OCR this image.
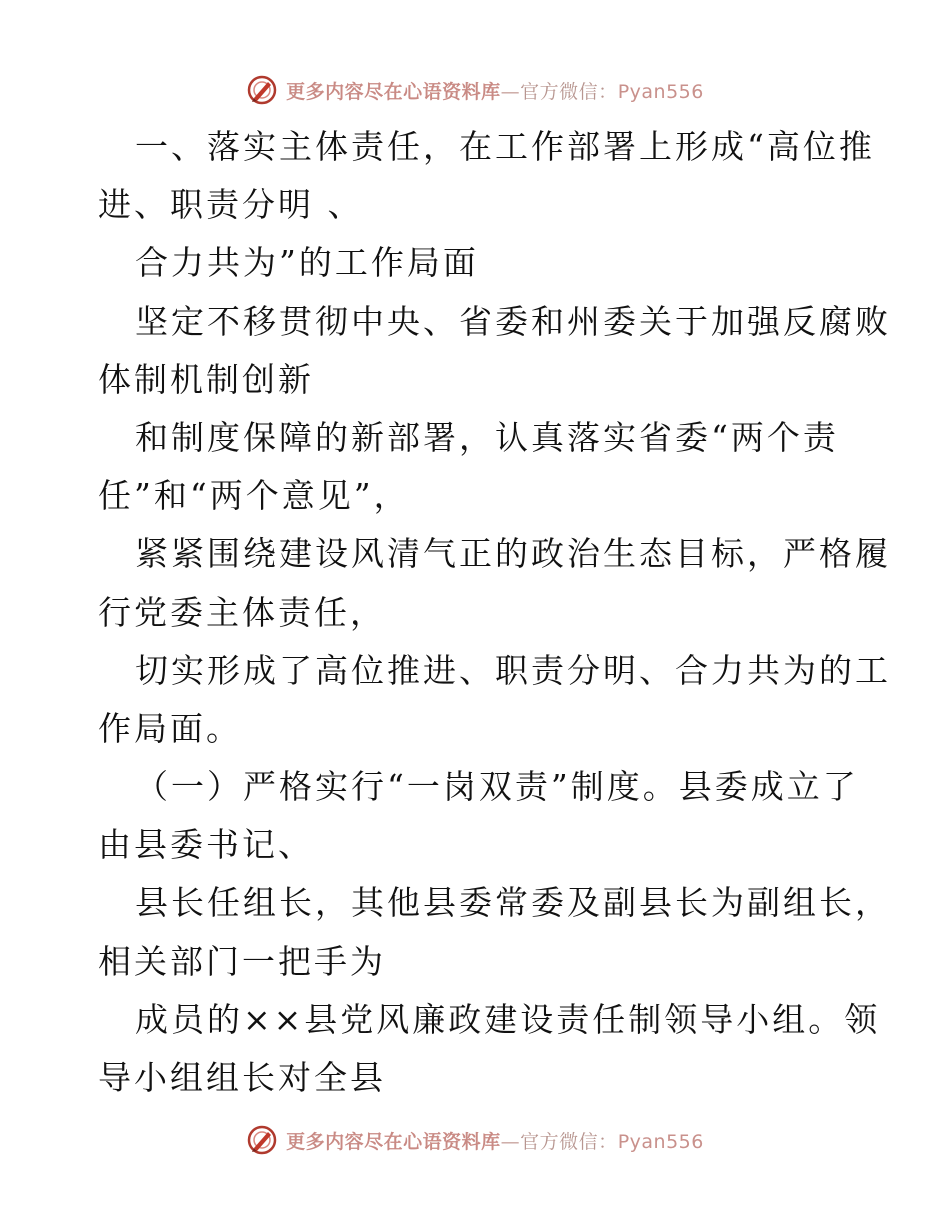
更多内容尽在心语资料库—官方微信：Pyan556
一、落实主体责任，在工作部署上形成“高位推
进、职责分明 、
合力共为”的工作局面
坚定不移贯彻中央、省委和州委关于加强反腐败
体制机制创新
和制度保障的新部署，认真落实省委“两个责
任”和“两个意见”，
紧紧围绕建设风清气正的政治生态目标，严格履
行党委主体责任，
切实形成了高位推进、职责分明、合力共为的工
作局面。
（一）严格实行“一岗双责”制度。县委成立了
由县委书记、
县长任组长，其他县委常委及副县长为副组长，
相关部门一把手为
成员的××县党风廉政建设责任制领导小组。领
导小组组长对全县
更多内容尽在心语资料库—官方微信：Pyan556
